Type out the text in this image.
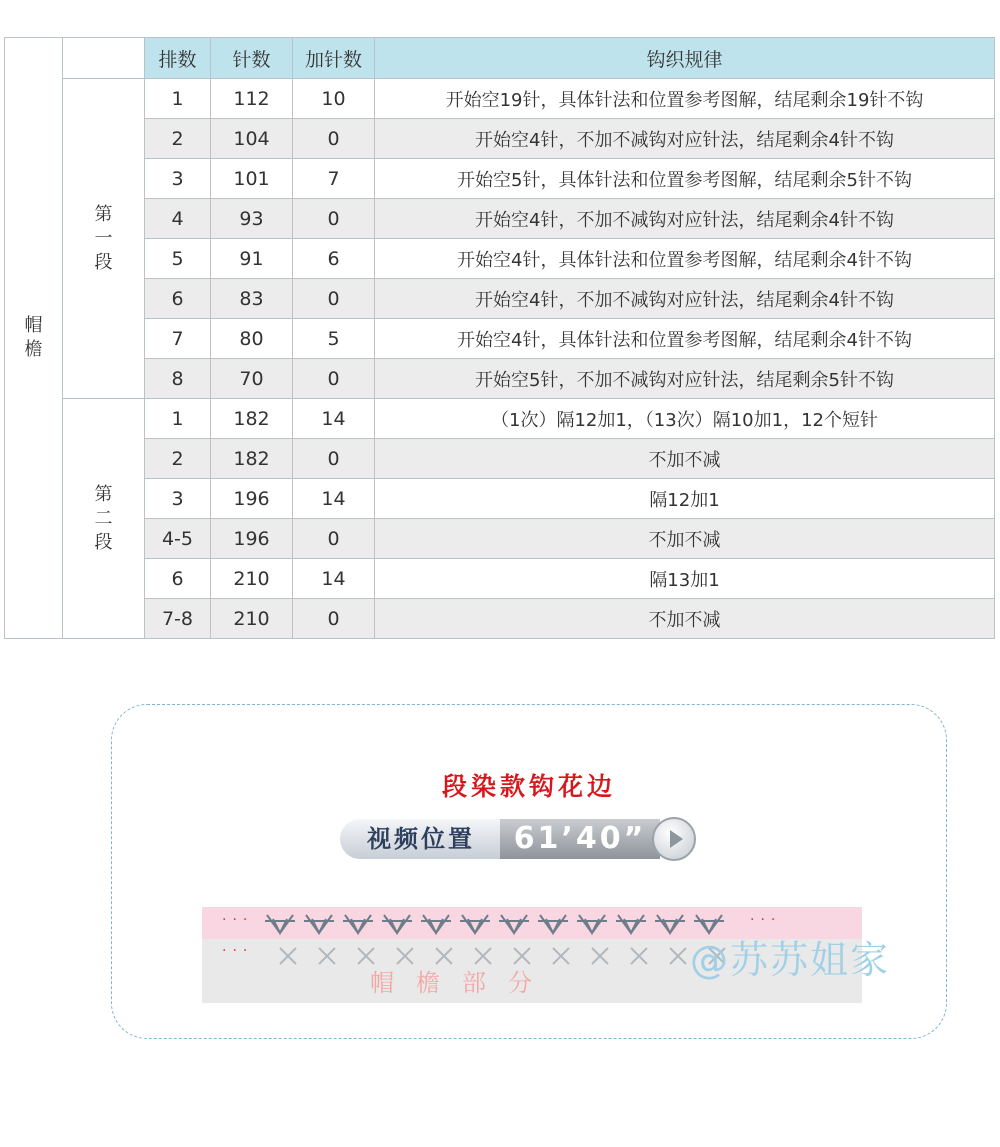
帽檐		排数	针数	加针数	钩织规律

	第一段	1	112	10	开始空19针，具体针法和位置参考图解，结尾剩余19针不钩
		2	104	0	开始空4针，不加不减钩对应针法，结尾剩余4针不钩
		3	101	7	开始空5针，具体针法和位置参考图解，结尾剩余5针不钩
		4	93	0	开始空4针，不加不减钩对应针法，结尾剩余4针不钩
		5	91	6	开始空4针，具体针法和位置参考图解，结尾剩余4针不钩
		6	83	0	开始空4针，不加不减钩对应针法，结尾剩余4针不钩
		7	80	5	开始空4针，具体针法和位置参考图解，结尾剩余4针不钩
		8	70	0	开始空5针，不加不减钩对应针法，结尾剩余5针不钩

	第二段	1	182	14	（1次）隔12加1，（13次）隔10加1，12个短针
		2	182	0	不加不减
		3	196	14	隔12加1
		4-5	196	0	不加不减
		6	210	14	隔13加1
		7-8	210	0	不加不减
段染款钩花边
视频位置	61’40”
···	···
···
帽檐部分
@苏苏姐家
